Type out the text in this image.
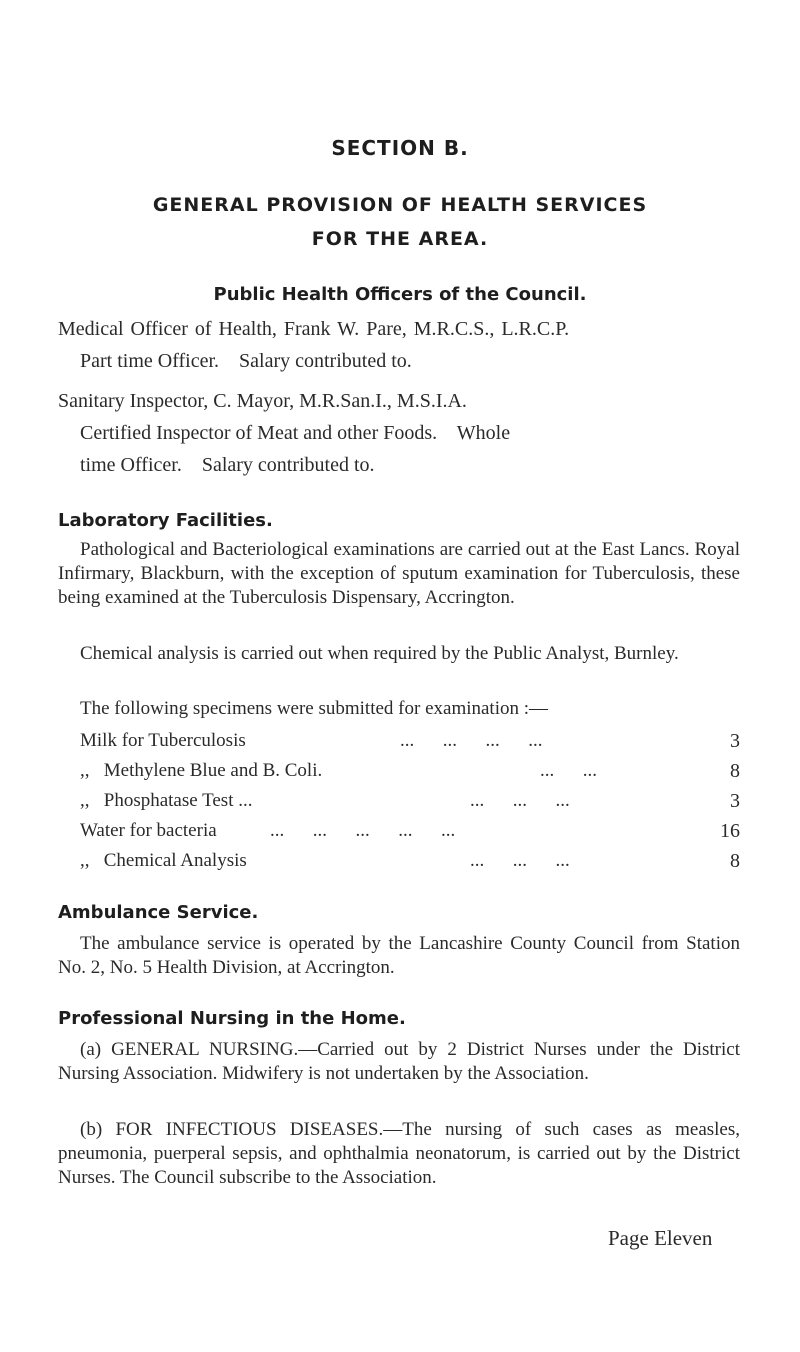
SECTION B.
GENERAL PROVISION OF HEALTH SERVICES
FOR THE AREA.
Public Health Officers of the Council.
Medical Officer of Health, Frank W. Pare, M.R.C.S., L.R.C.P.
Part time Officer.    Salary contributed to.
Sanitary Inspector, C. Mayor, M.R.San.I., M.S.I.A.
Certified Inspector of Meat and other Foods.    Whole
time Officer.    Salary contributed to.
Laboratory Facilities.
Pathological and Bacteriological examinations are carried out at the East Lancs. Royal Infirmary, Blackburn, with the exception of sputum examination for Tuberculosis, these being examined at the Tuberculosis Dispensary, Accrington.
Chemical analysis is carried out when required by the Public Analyst, Burnley.
The following specimens were submitted for examination :—
Milk for Tuberculosis	...      ...      ...      ...	3
,,   Methylene Blue and B. Coli.	...      ...	8
,,   Phosphatase Test ...	...      ...      ...	3
Water for bacteria	...      ...      ...      ...      ...	16
,,   Chemical Analysis	...      ...      ...	8
Ambulance Service.
The ambulance service is operated by the Lancashire County Council from Station No. 2, No. 5 Health Division, at Accrington.
Professional Nursing in the Home.
(a) GENERAL NURSING.—Carried out by 2 District Nurses under the District Nursing Association. Midwifery is not undertaken by the Association.
(b) FOR INFECTIOUS DISEASES.—The nursing of such cases as measles, pneumonia, puerperal sepsis, and ophthalmia neonatorum, is carried out by the District Nurses. The Council subscribe to the Association.
Page Eleven
